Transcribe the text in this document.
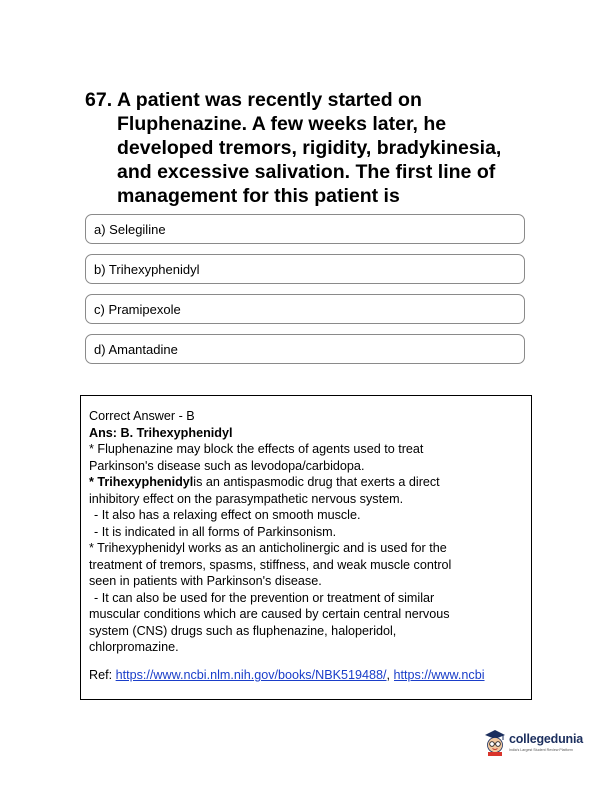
67. A patient was recently started on
Fluphenazine. A few weeks later, he
developed tremors, rigidity, bradykinesia,
and excessive salivation. The first line of
management for this patient is
a) Selegiline
b) Trihexyphenidyl
c) Pramipexole
d) Amantadine
Correct Answer - B
Ans: B. Trihexyphenidyl
* Fluphenazine may block the effects of agents used to treat
Parkinson's disease such as levodopa/carbidopa.
* Trihexyphenidylis an antispasmodic drug that exerts a direct
inhibitory effect on the parasympathetic nervous system.
- It also has a relaxing effect on smooth muscle.
- It is indicated in all forms of Parkinsonism.
* Trihexyphenidyl works as an anticholinergic and is used for the
treatment of tremors, spasms, stiffness, and weak muscle control
seen in patients with Parkinson's disease.
- It can also be used for the prevention or treatment of similar
muscular conditions which are caused by certain central nervous
system (CNS) drugs such as fluphenazine, haloperidol,
chlorpromazine.
Ref: https://www.ncbi.nlm.nih.gov/books/NBK519488/, https://www.ncbi
collegedunia
India's Largest Student Review Platform
